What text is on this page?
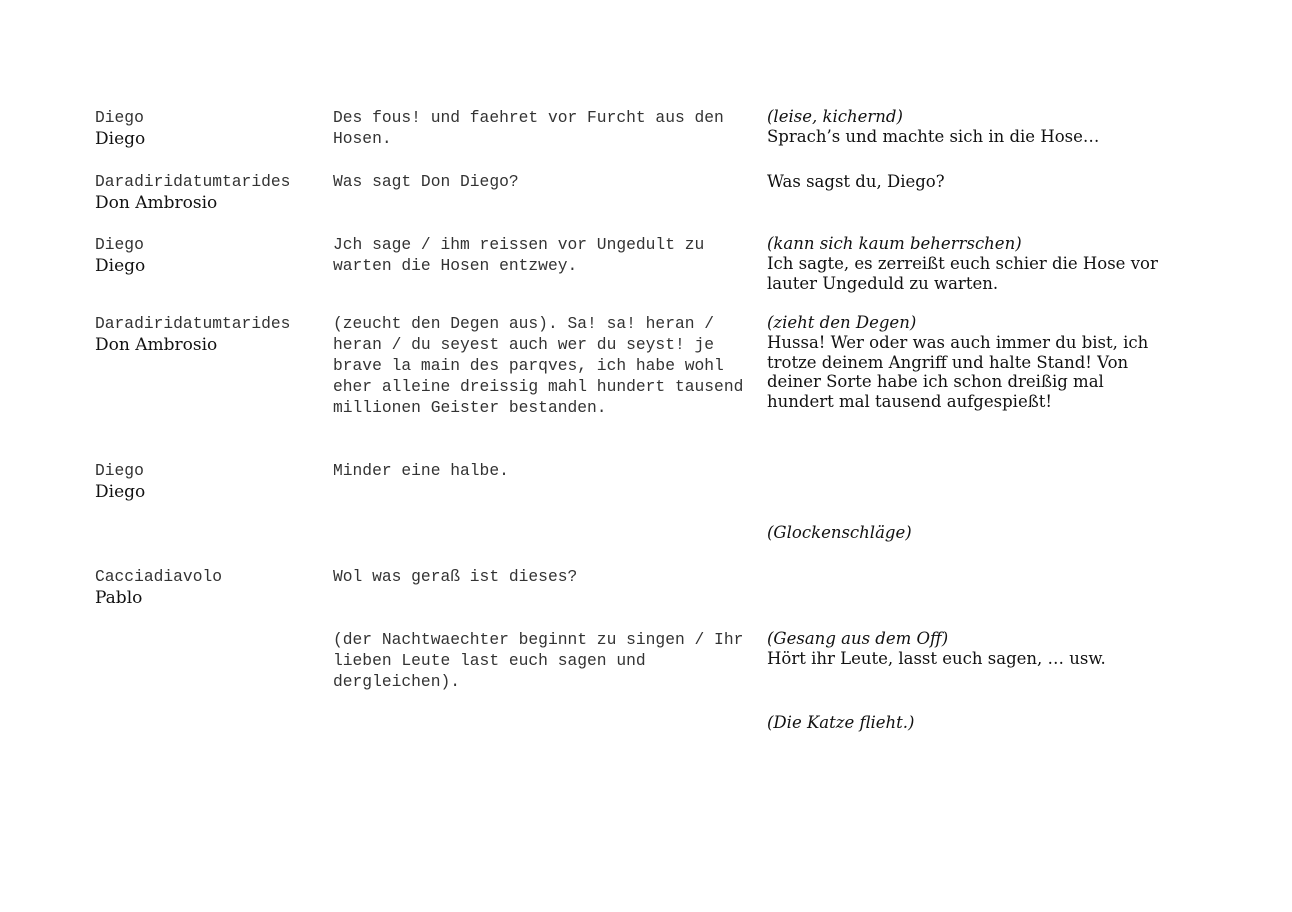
Diego
Diego
Des fous! und faehret vor Furcht aus den Hosen.
(leise, kichernd)
Sprach’s und machte sich in die Hose…
Daradiridatumtarides
Don Ambrosio
Was sagt Don Diego?	Was sagst du, Diego?
Diego
Diego
Jch sage / ihm reissen vor Ungedult zu warten die Hosen entzwey.
(kann sich kaum beherrschen)
Ich sagte, es zerreißt euch schier die Hose vor lauter Ungeduld zu warten.
Daradiridatumtarides
Don Ambrosio
(zeucht den Degen aus). Sa! sa! heran / heran / du seyest auch wer du seyst! je brave la main des parqves, ich habe wohl eher alleine dreissig mahl hundert tausend millionen Geister bestanden.
(zieht den Degen)
Hussa! Wer oder was auch immer du bist, ich trotze deinem Angriff und halte Stand! Von deiner Sorte habe ich schon dreißig mal hundert mal tausend aufgespießt!
Diego
Diego
Minder eine halbe.
(Glockenschläge)
Cacciadiavolo
Pablo
Wol was geraß ist dieses?
(der Nachtwaechter beginnt zu singen / Ihr lieben Leute last euch sagen und dergleichen).
(Gesang aus dem Off)
Hört ihr Leute, lasst euch sagen, … usw.
(Die Katze flieht.)
